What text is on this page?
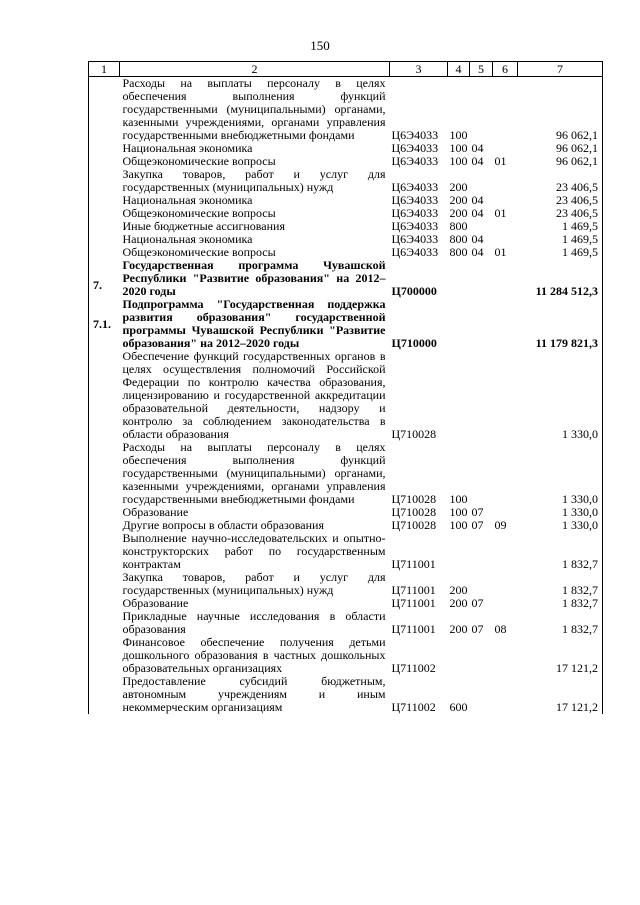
150
1	2	3	4	5	6	7
	Расходы на выплаты персоналу в целях обеспечения выполнения функций государственными (муниципальными) органами, казенными учреждениями, органами управления государственными внебюджетными фондами	Ц6Э4033	100			96 062,1
	Национальная экономика	Ц6Э4033	100	04		96 062,1
	Общеэкономические вопросы	Ц6Э4033	100	04	01	96 062,1
	Закупка товаров, работ и услуг для государственных (муниципальных) нужд	Ц6Э4033	200			23 406,5
	Национальная экономика	Ц6Э4033	200	04		23 406,5
	Общеэкономические вопросы	Ц6Э4033	200	04	01	23 406,5
	Иные бюджетные ассигнования	Ц6Э4033	800			1 469,5
	Национальная экономика	Ц6Э4033	800	04		1 469,5
	Общеэкономические вопросы	Ц6Э4033	800	04	01	1 469,5
7.	Государственная программа Чувашской Республики "Развитие образования" на 2012–2020 годы	Ц700000				11 284 512,3
7.1.	Подпрограмма "Государственная поддержка развития образования" государственной программы Чувашской Республики "Развитие образования" на 2012–2020 годы	Ц710000				11 179 821,3
	Обеспечение функций государственных органов в целях осуществления полномочий Российской Федерации по контролю качества образования, лицензированию и государственной аккредитации образовательной деятельности, надзору и контролю за соблюдением законодательства в области образования	Ц710028				1 330,0
	Расходы на выплаты персоналу в целях обеспечения выполнения функций государственными (муниципальными) органами, казенными учреждениями, органами управления государственными внебюджетными фондами	Ц710028	100			1 330,0
	Образование	Ц710028	100	07		1 330,0
	Другие вопросы в области образования	Ц710028	100	07	09	1 330,0
	Выполнение научно-исследовательских и опытно-конструкторских работ по государственным контрактам	Ц711001				1 832,7
	Закупка товаров, работ и услуг для государственных (муниципальных) нужд	Ц711001	200			1 832,7
	Образование	Ц711001	200	07		1 832,7
	Прикладные научные исследования в области образования	Ц711001	200	07	08	1 832,7
	Финансовое обеспечение получения детьми дошкольного образования в частных дошкольных образовательных организациях	Ц711002				17 121,2
	Предоставление субсидий бюджетным, автономным учреждениям и иным некоммерческим организациям	Ц711002	600			17 121,2
